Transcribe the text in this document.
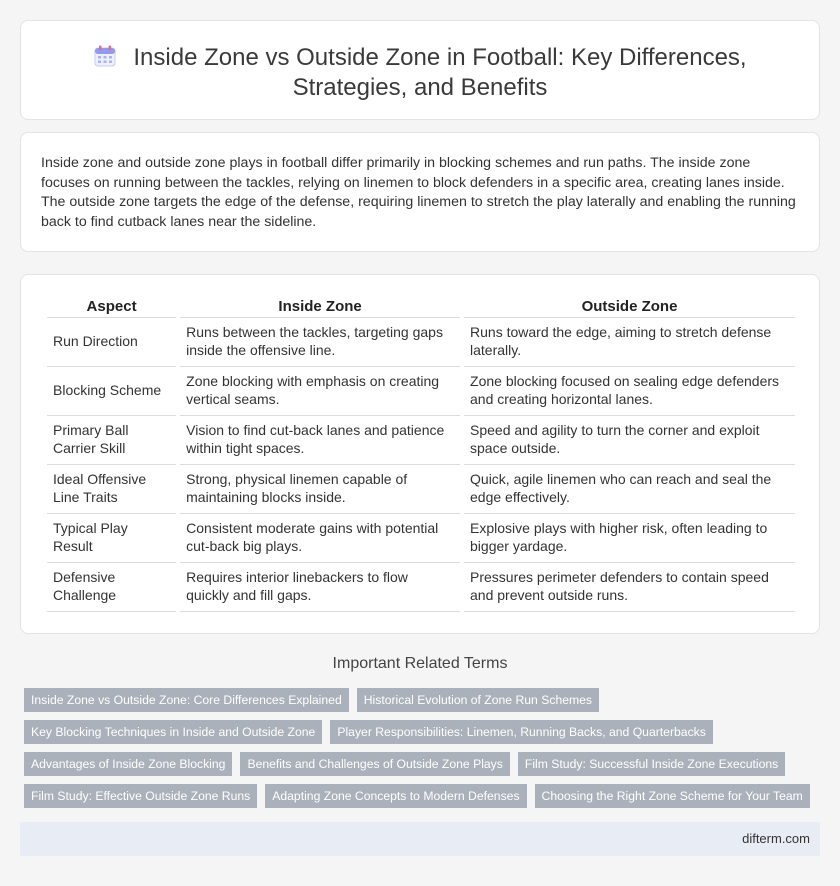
Inside Zone vs Outside Zone in Football: Key Differences, Strategies, and Benefits

Inside zone and outside zone plays in football differ primarily in blocking schemes and run paths. The inside zone focuses on running between the tackles, relying on linemen to block defenders in a specific area, creating lanes inside. The outside zone targets the edge of the defense, requiring linemen to stretch the play laterally and enabling the running back to find cutback lanes near the sideline.

Aspect	Inside Zone	Outside Zone
Run Direction	Runs between the tackles, targeting gaps inside the offensive line.	Runs toward the edge, aiming to stretch defense laterally.
Blocking Scheme	Zone blocking with emphasis on creating vertical seams.	Zone blocking focused on sealing edge defenders and creating horizontal lanes.
Primary Ball Carrier Skill	Vision to find cut-back lanes and patience within tight spaces.	Speed and agility to turn the corner and exploit space outside.
Ideal Offensive Line Traits	Strong, physical linemen capable of maintaining blocks inside.	Quick, agile linemen who can reach and seal the edge effectively.
Typical Play Result	Consistent moderate gains with potential cut-back big plays.	Explosive plays with higher risk, often leading to bigger yardage.
Defensive Challenge	Requires interior linebackers to flow quickly and fill gaps.	Pressures perimeter defenders to contain speed and prevent outside runs.
Important Related Terms
Inside Zone vs Outside Zone: Core Differences Explained	Historical Evolution of Zone Run Schemes
Key Blocking Techniques in Inside and Outside Zone	Player Responsibilities: Linemen, Running Backs, and Quarterbacks
Advantages of Inside Zone Blocking	Benefits and Challenges of Outside Zone Plays	Film Study: Successful Inside Zone Executions
Film Study: Effective Outside Zone Runs	Adapting Zone Concepts to Modern Defenses	Choosing the Right Zone Scheme for Your Team
difterm.com
